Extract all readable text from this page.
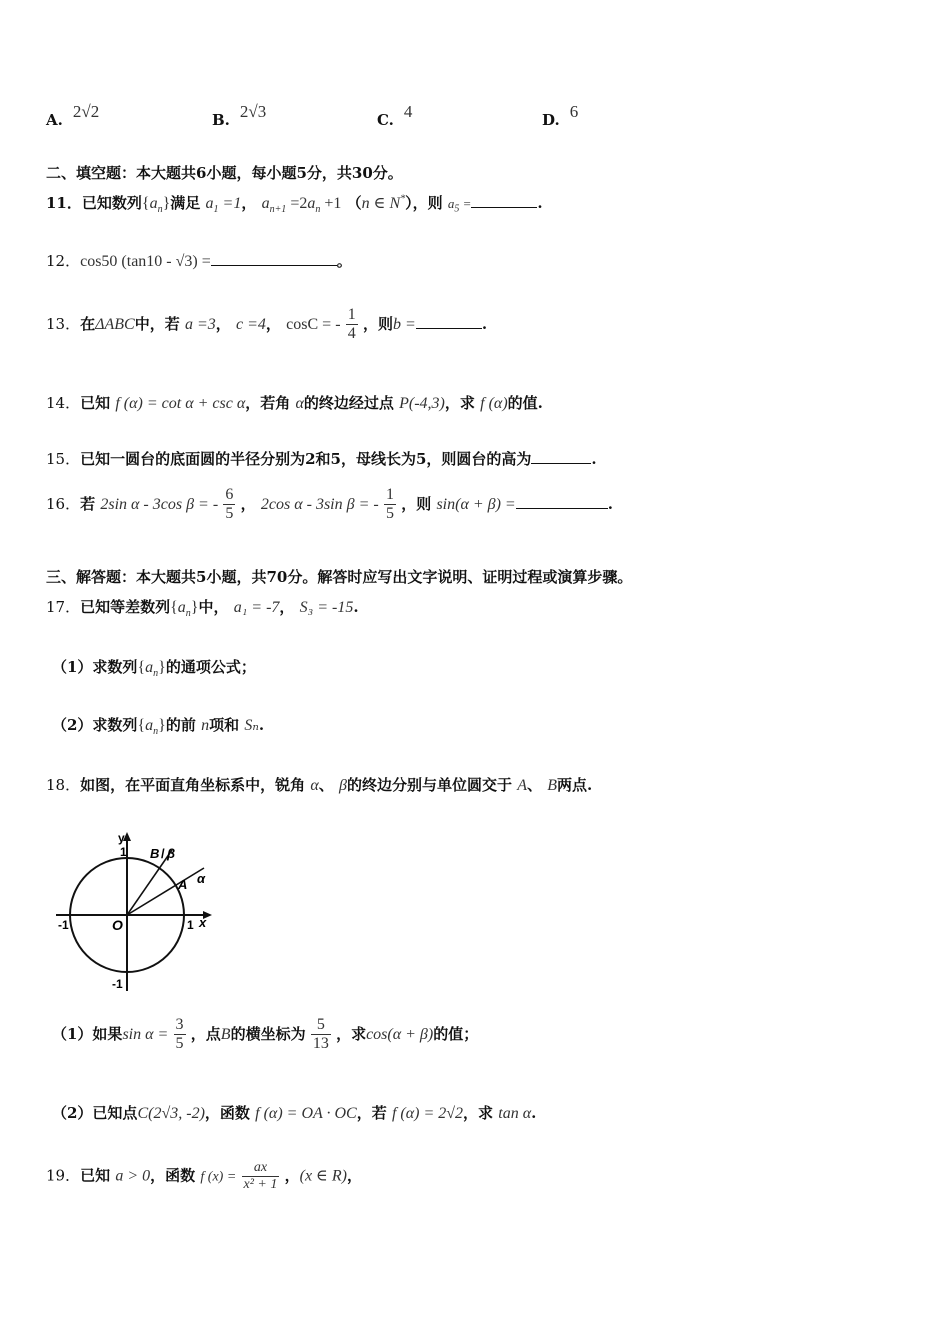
A. 2√2	B. 2√3	C. 4	D. 6
二、填空题：本大题共6小题，每小题5分，共30分。
11．已知数列$\{a_n\}$满足 $a_1 =1$， $a_{n+1} =2a_n +1$ （n ∈ N*），则 $a_5$ =	.
12．cos50 (tan10 - √3) =	。
13．在ΔABC中，若 a =3， c =4， cosC = - $\frac{1}{4}$ ，则b =	.
14．已知 f (α) = cot α + csc α，若角 α的终边经过点 P(-4,3)，求 f (α)的值.
15．已知一圆台的底面圆的半径分别为2和5，母线长为5，则圆台的高为	.
16．若 2sin α - 3cos β = - $\frac{6}{5}$ ， 2cos α - 3sin β = - $\frac{1}{5}$ ，则 sin(α + β) =	.
三、解答题：本大题共5小题，共70分。解答时应写出文字说明、证明过程或演算步骤。
17．已知等差数列$\{a_n\}$中， a₁ = -7， S₃ = -15.
（1）求数列$\{a_n\}$的通项公式；
（2）求数列$\{a_n\}$的前 n项和 Sₙ.
18．如图，在平面直角坐标系中，锐角 α、 β的终边分别与单位圆交于 A、 B两点.
y
x
1
1
-1
-1
O
B / β
A α
（1）如果$\sin \alpha = \frac{3}{5}$ ，点B的横坐标为 $\frac{5}{13}$ ，求cos(α + β)的值；
（2）已知点C(2√3, -2)，函数 f (α) = OA · OC，若 f (α) = 2√2，求 tan α.
19．已知 a > 0，函数 f $(x) = \frac{ax}{\text{x² + 1}}$ ，(x ∈ R)，
